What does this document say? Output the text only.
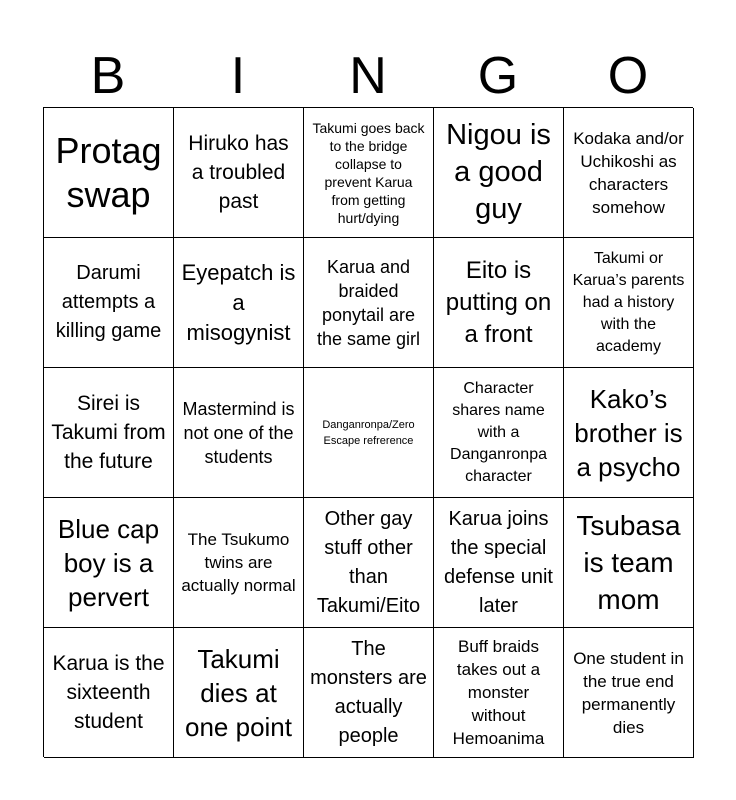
B	I	N	G	O
Protag swap
Hiruko has a troubled past
Takumi goes back to the bridge collapse to prevent Karua from getting hurt/dying
Nigou is a good guy
Kodaka and/or Uchikoshi as characters somehow
Darumi attempts a killing game
Eyepatch is a misogynist
Karua and braided ponytail are the same girl
Eito is putting on a front
Takumi or Karua’s parents had a history with the academy
Sirei is Takumi from the future
Mastermind is not one of the students
Danganronpa/Zero Escape refrerence
Character shares name with a Danganronpa character
Kako’s brother is a psycho
Blue cap boy is a pervert
The Tsukumo twins are actually normal
Other gay stuff other than Takumi/Eito
Karua joins the special defense unit later
Tsubasa is team mom
Karua is the sixteenth student
Takumi dies at one point
The monsters are actually people
Buff braids takes out a monster without Hemoanima
One student in the true end permanently dies
